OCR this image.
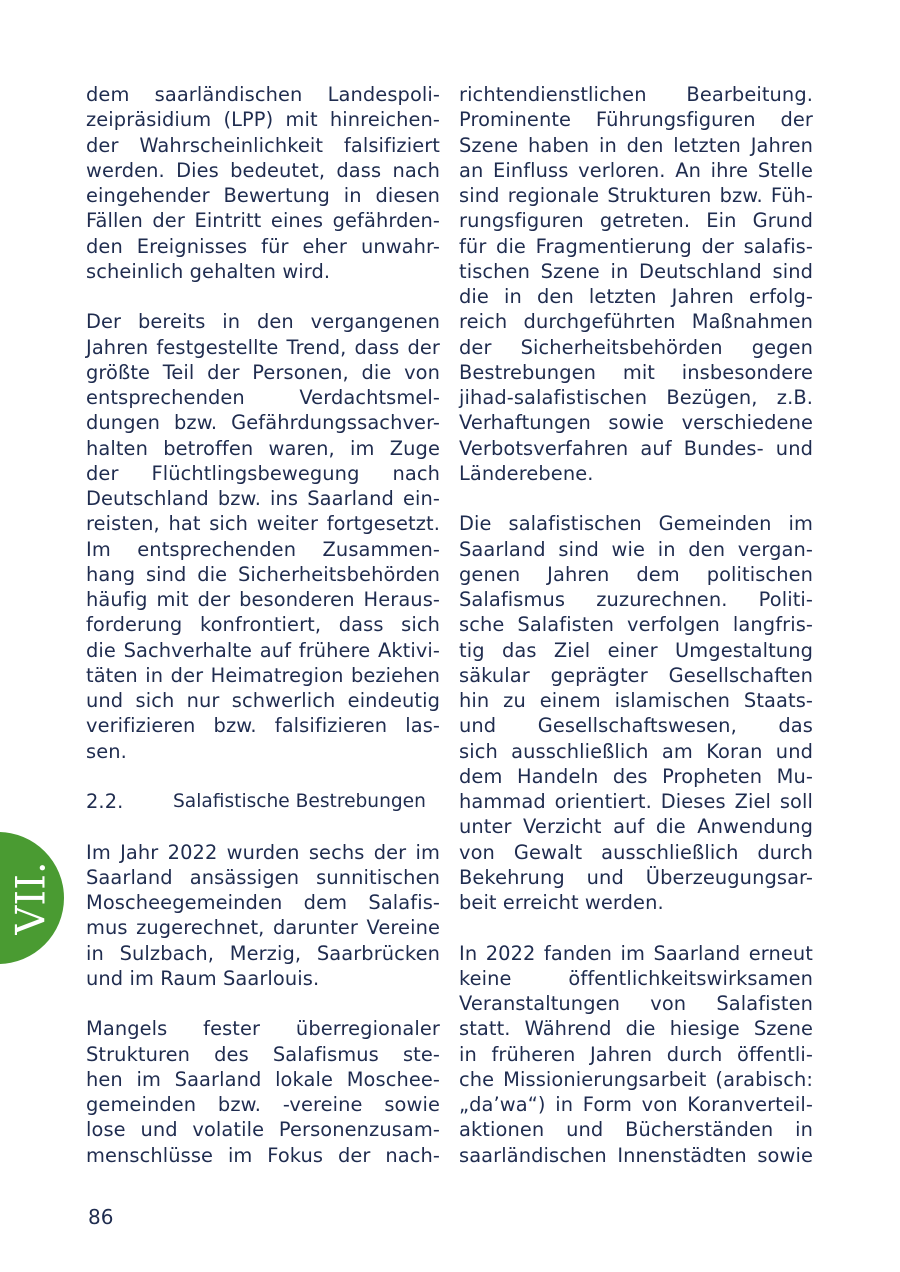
VII.
dem saarländischen Landespoli-
zeipräsidium (LPP) mit hinreichen-
der Wahrscheinlichkeit falsifiziert
werden. Dies bedeutet, dass nach
eingehender Bewertung in diesen
Fällen der Eintritt eines gefährden-
den Ereignisses für eher unwahr-
scheinlich gehalten wird.
Der bereits in den vergangenen
Jahren festgestellte Trend, dass der
größte Teil der Personen, die von
entsprechenden Verdachtsmel-
dungen bzw. Gefährdungssachver-
halten betroffen waren, im Zuge
der Flüchtlingsbewegung nach
Deutschland bzw. ins Saarland ein-
reisten, hat sich weiter fortgesetzt.
Im entsprechenden Zusammen-
hang sind die Sicherheitsbehörden
häufig mit der besonderen Heraus-
forderung konfrontiert, dass sich
die Sachverhalte auf frühere Aktivi-
täten in der Heimatregion beziehen
und sich nur schwerlich eindeutig
verifizieren bzw. falsifizieren las-
sen.
2.2.	Salafistische Bestrebungen
Im Jahr 2022 wurden sechs der im
Saarland ansässigen sunnitischen
Moscheegemeinden dem Salafis-
mus zugerechnet, darunter Vereine
in Sulzbach, Merzig, Saarbrücken
und im Raum Saarlouis.
Mangels fester überregionaler
Strukturen des Salafismus ste-
hen im Saarland lokale Moschee-
gemeinden bzw. -vereine sowie
lose und volatile Personenzusam-
menschlüsse im Fokus der nach-
richtendienstlichen Bearbeitung.
Prominente Führungsfiguren der
Szene haben in den letzten Jahren
an Einfluss verloren. An ihre Stelle
sind regionale Strukturen bzw. Füh-
rungsfiguren getreten. Ein Grund
für die Fragmentierung der salafis-
tischen Szene in Deutschland sind
die in den letzten Jahren erfolg-
reich durchgeführten Maßnahmen
der Sicherheitsbehörden gegen
Bestrebungen mit insbesondere
jihad-salafistischen Bezügen, z.B.
Verhaftungen sowie verschiedene
Verbotsverfahren auf Bundes- und
Länderebene.
Die salafistischen Gemeinden im
Saarland sind wie in den vergan-
genen Jahren dem politischen
Salafismus zuzurechnen. Politi-
sche Salafisten verfolgen langfris-
tig das Ziel einer Umgestaltung
säkular geprägter Gesellschaften
hin zu einem islamischen Staats-
und Gesellschaftswesen, das
sich ausschließlich am Koran und
dem Handeln des Propheten Mu-
hammad orientiert. Dieses Ziel soll
unter Verzicht auf die Anwendung
von Gewalt ausschließlich durch
Bekehrung und Überzeugungsar-
beit erreicht werden.
In 2022 fanden im Saarland erneut
keine öffentlichkeitswirksamen
Veranstaltungen von Salafisten
statt. Während die hiesige Szene
in früheren Jahren durch öffentli-
che Missionierungsarbeit (arabisch:
„da’wa“) in Form von Koranverteil-
aktionen und Bücherständen in
saarländischen Innenstädten sowie
86
